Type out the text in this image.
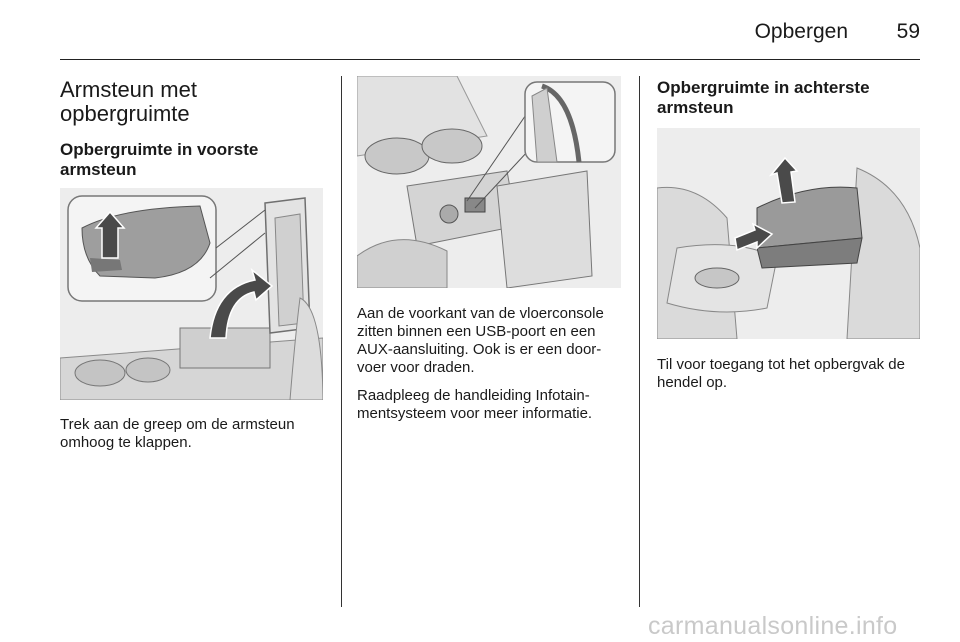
Opbergen 59
Armsteun met opbergruimte
Opbergruimte in voorste armsteun

Trek aan de greep om de armsteun omhoog te klappen.

Aan de voorkant van de vloerconsole zitten binnen een USB-poort en een AUX-aansluiting. Ook is er een doorvoer voor draden.

Raadpleeg de handleiding Infotainmentsysteem voor meer informatie.

Opbergruimte in achterste armsteun

Til voor toegang tot het opbergvak de hendel op.

carmanualsonline.info
